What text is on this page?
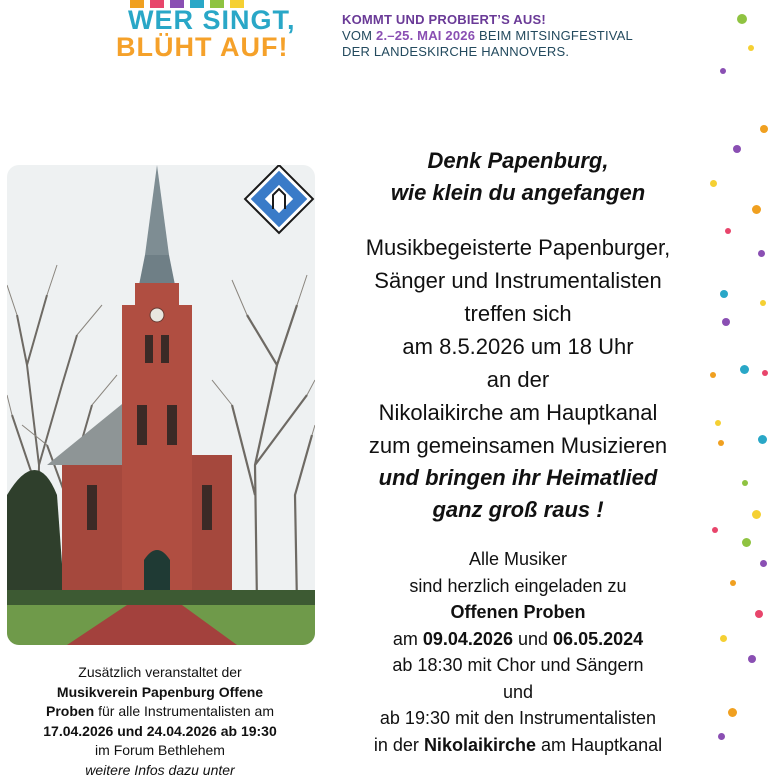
WER SINGT,
BLÜHT AUF!
KOMMT UND PROBIERT’S AUS!
VOM 2.–25. MAI 2026 BEIM MITSINGFESTIVAL
DER LANDESKIRCHE HANNOVERS.
Denk Papenburg,
wie klein du angefangen
Musikbegeisterte Papenburger,
Sänger und Instrumentalisten
treffen sich
am 8.5.2026 um 18 Uhr
an der
Nikolaikirche am Hauptkanal
zum gemeinsamen Musizieren
und bringen ihr Heimatlied
ganz groß raus !
Alle Musiker
sind herzlich eingeladen zu
Offenen Proben
am 09.04.2026 und 06.05.2024
ab 18:30 mit Chor und Sängern
und
ab 19:30 mit den Instrumentalisten
in der Nikolaikirche am Hauptkanal
Zusätzlich veranstaltet der
Musikverein Papenburg Offene
Proben für alle Instrumentalisten am
17.04.2026 und 24.04.2026 ab 19:30
im Forum Bethlehem
weitere Infos dazu unter
